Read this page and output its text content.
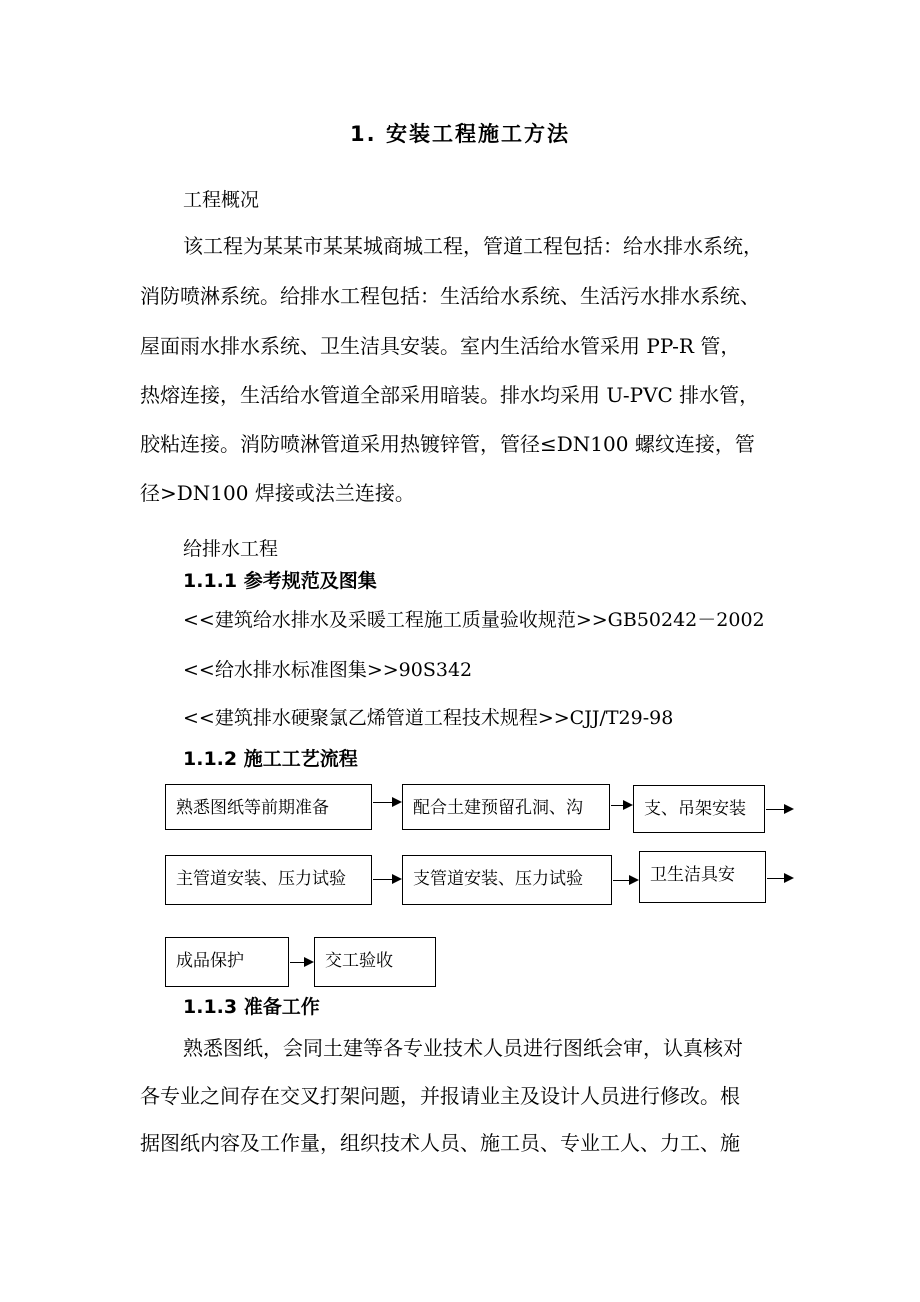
1. 安装工程施工方法
工程概况
该工程为某某市某某城商城工程，管道工程包括：给水排水系统，
消防喷淋系统。给排水工程包括：生活给水系统、生活污水排水系统、
屋面雨水排水系统、卫生洁具安装。室内生活给水管采用 PP-R 管，
热熔连接，生活给水管道全部采用暗装。排水均采用 U-PVC 排水管，
胶粘连接。消防喷淋管道采用热镀锌管，管径≤DN100 螺纹连接，管
径>DN100 焊接或法兰连接。
给排水工程
1.1.1 参考规范及图集
<<建筑给水排水及采暖工程施工质量验收规范>>GB50242－2002
<<给水排水标准图集>>90S342
<<建筑排水硬聚氯乙烯管道工程技术规程>>CJJ/T29-98
1.1.2 施工工艺流程
熟悉图纸等前期准备	配合土建预留孔洞、沟	支、吊架安装
主管道安装、压力试验	支管道安装、压力试验	卫生洁具安
成品保护	交工验收
1.1.3 准备工作
熟悉图纸，会同土建等各专业技术人员进行图纸会审，认真核对
各专业之间存在交叉打架问题，并报请业主及设计人员进行修改。根
据图纸内容及工作量，组织技术人员、施工员、专业工人、力工、施
